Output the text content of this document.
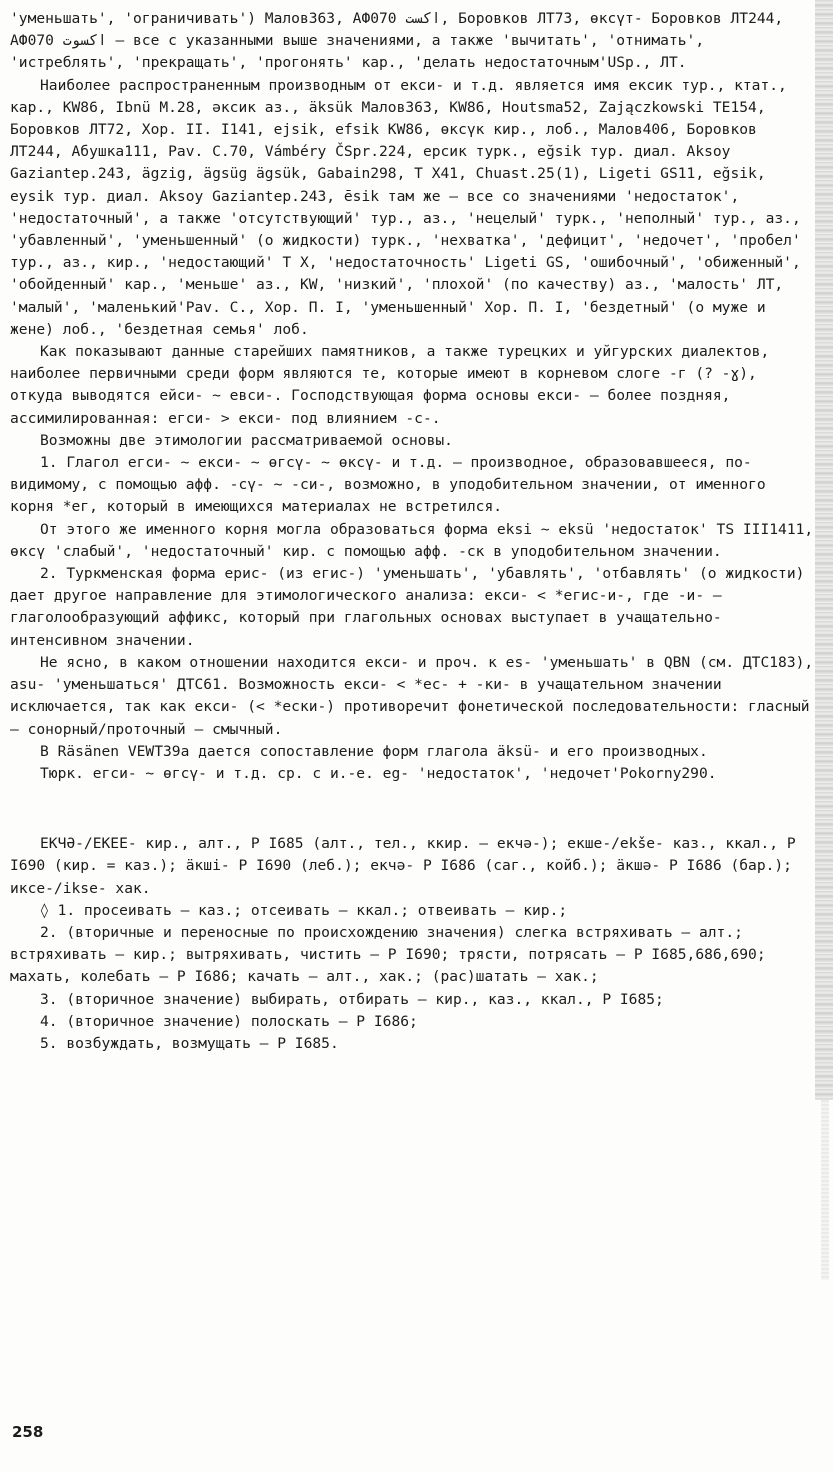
'уменьшать', 'ограничивать') Малов363, АФ070 اكست, Боровков ЛТ73, өксүт- Боровков ЛТ244, АФ070 اكسوت – все с указанными выше значениями, а также 'вычитать', 'отнимать', 'истреблять', 'прекращать', 'прогонять' кар., 'делать недостаточным'USp., ЛТ.

Наиболее распространенным производным от екси- и т.д. является имя ексик тур., ктат., кар., KW86, Ibnü M.28, әксик аз., äksük Малов363, KW86, Houtsma52, Zajączkowski TE154, Боровков ЛТ72, Хор. II. I141, ejsik, efsik KW86, өксүк кир., лоб., Малов406, Боровков ЛТ244, Абушка111, Pav. C.70, Vámbéry ČSpr.224, ерсик турк., eğsik тур. диал. Aksoy Gaziantep.243, ägzig, ägsüg ägsük, Gabain298, Т X41, Chuast.25(1), Ligeti GS11, eğsik, eysik тур. диал. Aksoy Gaziantep.243, ēsik там же – все со значениями 'недостаток', 'недостаточный', а также 'отсутствующий' тур., аз., 'нецелый' турк., 'неполный' тур., аз., 'убавленный', 'уменьшенный' (о жидкости) турк., 'нехватка', 'дефицит', 'недочет', 'пробел' тур., аз., кир., 'недостающий' Т X, 'недостаточность' Ligeti GS, 'ошибочный', 'обиженный', 'обойденный' кар., 'меньше' аз., KW, 'низкий', 'плохой' (по качеству) аз., 'малость' ЛТ, 'малый', 'маленький'Pav. C., Хор. П. I, 'уменьшенный' Хор. П. I, 'бездетный' (о муже и жене) лоб., 'бездетная семья' лоб.

Как показывают данные старейших памятников, а также турецких и уйгурских диалектов, наиболее первичными среди форм являются те, которые имеют в корневом слоге -г (? -ɣ), откуда выводятся ейси- ~ евси-. Господствующая форма основы екси- – более поздняя, ассимилированная: егси- > екси- под влиянием -с-.

Возможны две этимологии рассматриваемой основы.

1. Глагол егси- ~ екси- ~ өгсү- ~ өксү- и т.д. – производное, образовавшееся, по-видимому, с помощью афф. -сү- ~ -си-, возможно, в уподобительном значении, от именного корня *ег, который в имеющихся материалах не встретился.

От этого же именного корня могла образоваться форма eksi ~ eksü 'недостаток' TS III1411, өксү 'слабый', 'недостаточный' кир. с помощью афф. -ск в уподобительном значении.

2. Туркменская форма ерис- (из егис-) 'уменьшать', 'убавлять', 'отбавлять' (о жидкости) дает другое направление для этимологического анализа: екси- < *егис-и-, где -и- – глаголообразующий аффикс, который при глагольных основах выступает в учащательно-интенсивном значении.

Не ясно, в каком отношении находится екси- и проч. к es- 'уменьшать' в QBN (см. ДТС183), asu- 'уменьшаться' ДТС61. Возможность екси- < *ес- + -ки- в учащательном значении исключается, так как екси- (< *ески-) противоречит фонетической последовательности: гласный – сонорный/проточный – смычный.

В Räsänen VEWT39a дается сопоставление форм глагола äksü- и его производных.

Тюрк. егси- ~ өгсү- и т.д. ср. с и.-е. eg- 'недостаток', 'недочет'Pokorny290.

ЕКЧӘ-/ЕКЕЕ- кир., алт., Р I685 (алт., тел., ккир. – екчә-); екше-/ekše- каз., ккал., Р I690 (кир. = каз.); äкші- Р I690 (леб.); екчә- Р I686 (саг., койб.); äкшә- Р I686 (бар.); иксе-/ikse- хак.

◊ 1. просеивать – каз.; отсеивать – ккал.; отвеивать – кир.;

2. (вторичные и переносные по происхождению значения) слегка встряхивать – алт.; встряхивать – кир.; вытряхивать, чистить – Р I690; трясти, потрясать – Р I685,686,690; махать, колебать – Р I686; качать – алт., хак.; (рас)шатать – хак.;

3. (вторичное значение) выбирать, отбирать – кир., каз., ккал., Р I685;

4. (вторичное значение) полоскать – Р I686;

5. возбуждать, возмущать – Р I685.

258
